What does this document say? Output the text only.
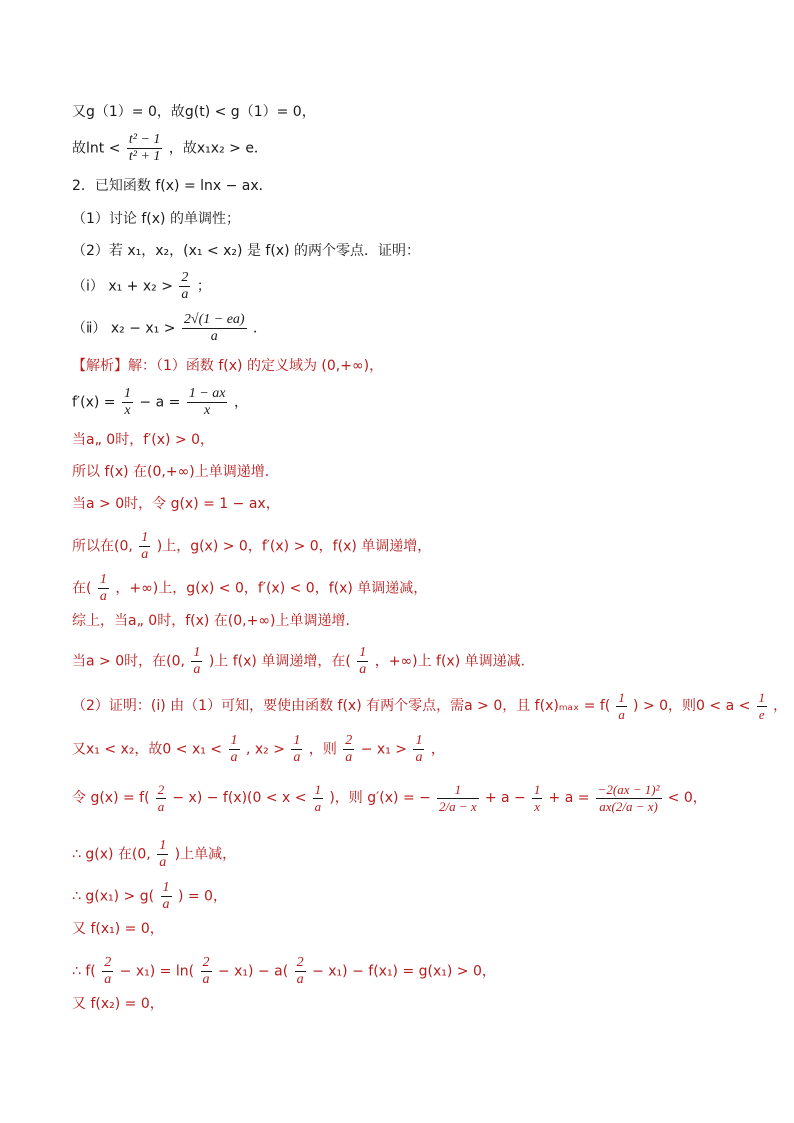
又g（1）= 0，故g(t) < g（1）= 0，
故$\ln t < \frac{\text{t² − 1}}{\text{t² + 1}}$ ，故x₁x₂ > e．
2．已知函数 f(x) = lnx − ax．
（1）讨论 f(x) 的单调性；
（2）若 x₁，x₂，(x₁ < x₂) 是 f(x) 的两个零点．证明：
（ⅰ） $x_1 + x_2 > \frac{2}{a}$ ；
（ⅱ） $x_2 - x_1 > \frac{2√(1 - ea)}{a}$ ．
【解析】解：（1）函数 f(x) 的定义域为 (0,+∞)，
$f'(x) = \frac{1}{x} - a = \frac{1 - ax}{x}$ ，
当a„ 0时，f′(x) > 0，
所以 f(x) 在(0,+∞)上单调递增．
当a > 0时，令 g(x) = 1 − ax，
所以在(0, $\frac{1}{a}$ )上，g(x) > 0，f′(x) > 0，f(x) 单调递增，
在( $\frac{1}{a}$ ，+∞)上，g(x) < 0，f′(x) < 0，f(x) 单调递减，
综上，当a„ 0时，f(x) 在(0,+∞)上单调递增．
当a > 0时，在(0, $\frac{1}{a}$ )上 f(x) 单调递增，在( $\frac{1}{a}$ ，+∞)上 f(x) 单调递减．
（2）证明：(i) 由（1）可知，要使由函数 f(x) 有两个零点，需a > 0，且 $f(x)_{max} = f( \frac{1}{a}$ ) > 0，则$0 < a < \frac{1}{e}$ ，
又x₁ < x₂，故$0 < x_1 < \frac{1}{a}$ , $x_2 > \frac{1}{a}$ ，则 $\frac{2}{a} - x_1 > \frac{1}{a}$ ，
令 $g(x) = f( \frac{2}{a} - x) - f(x)(0 < x < \frac{1}{a}$ )，则 g′(x) = − $\frac{1}{2/a - x} + a - \frac{1}{x} + a = \frac{\text{−2(ax − 1)²}}{ax(2/a - x)} < 0$，
∴ g(x) 在(0, $\frac{1}{a}$ )上单减，
∴ $g(x_1) > g( \frac{1}{a}$ ) = 0，
又 f(x₁) = 0，
∴ $f( \frac{2}{a} - x_1) = \ln( \frac{2}{a} - x_1) - a( \frac{2}{a} - x_1) - f(x_1) = g(x_1) > 0$，
又 f(x₂) = 0，
